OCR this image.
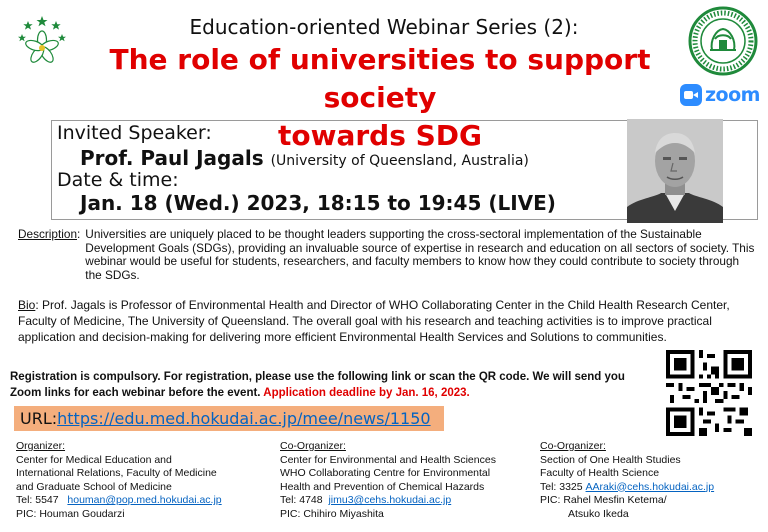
zoom
Education-oriented Webinar Series (2):
The role of universities to support society
towards SDG
Invited Speaker:
Prof. Paul Jagals (University of Queensland, Australia)
Date & time:
Jan. 18 (Wed.) 2023, 18:15 to 19:45 (LIVE)
Description: Universities are uniquely placed to be thought leaders supporting the cross-sectoral implementation of the Sustainable Development Goals (SDGs), providing an invaluable source of expertise in research and education on all sectors of society. This webinar would be useful for students, researchers, and faculty members to know how they could contribute to society through the SDGs.
Bio: Prof. Jagals is Professor of Environmental Health and Director of WHO Collaborating Center in the Child Health Research Center, Faculty of Medicine, The University of Queensland. The overall goal with his research and teaching activities is to improve practical application and decision-making for delivering more efficient Environmental Health Services and Solutions to communities.
Registration is compulsory. For registration, please use the following link or scan the QR code. We will send you Zoom links for each webinar before the event. Application deadline by Jan. 16, 2023.
URL:https://edu.med.hokudai.ac.jp/mee/news/1150
Organizer:
Center for Medical Education and
International Relations, Faculty of Medicine
and Graduate School of Medicine
Tel: 5547 houman@pop.med.hokudai.ac.jp
PIC: Houman Goudarzi
Co-Organizer:
Center for Environmental and Health Sciences
WHO Collaborating Centre for Environmental
Health and Prevention of Chemical Hazards
Tel: 4748 jimu3@cehs.hokudai.ac.jp
PIC: Chihiro Miyashita
Co-Organizer:
Section of One Health Studies
Faculty of Health Science
Tel: 3325 AAraki@cehs.hokudai.ac.jp
PIC: Rahel Mesfin Ketema/
Atsuko Ikeda
